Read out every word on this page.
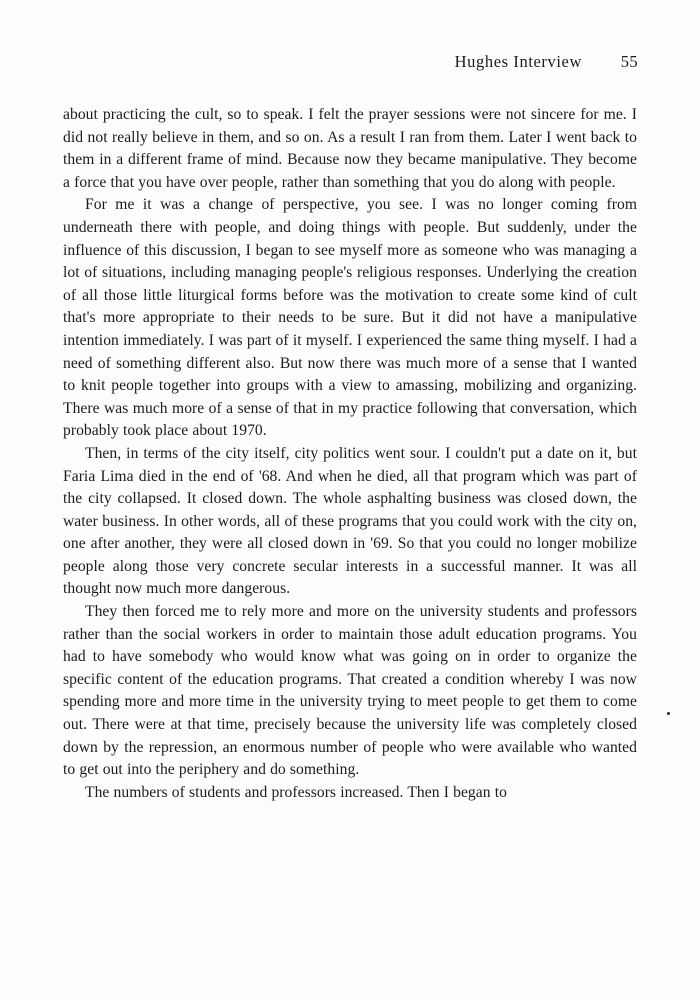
Hughes Interview 55

about practicing the cult, so to speak. I felt the prayer sessions were not sincere for me. I did not really believe in them, and so on. As a result I ran from them. Later I went back to them in a different frame of mind. Because now they became manipulative. They become a force that you have over people, rather than something that you do along with people.

For me it was a change of perspective, you see. I was no longer coming from underneath there with people, and doing things with people. But suddenly, under the influence of this discussion, I began to see myself more as someone who was managing a lot of situations, including managing people's religious responses. Underlying the creation of all those little liturgical forms before was the motivation to create some kind of cult that's more appropriate to their needs to be sure. But it did not have a manipulative intention immediately. I was part of it myself. I experienced the same thing myself. I had a need of something different also. But now there was much more of a sense that I wanted to knit people together into groups with a view to amassing, mobilizing and organizing. There was much more of a sense of that in my practice following that conversation, which probably took place about 1970.

Then, in terms of the city itself, city politics went sour. I couldn't put a date on it, but Faria Lima died in the end of '68. And when he died, all that program which was part of the city collapsed. It closed down. The whole asphalting business was closed down, the water business. In other words, all of these programs that you could work with the city on, one after another, they were all closed down in '69. So that you could no longer mobilize people along those very concrete secular interests in a successful manner. It was all thought now much more dangerous.

They then forced me to rely more and more on the university students and professors rather than the social workers in order to maintain those adult education programs. You had to have somebody who would know what was going on in order to organize the specific content of the education programs. That created a condition whereby I was now spending more and more time in the university trying to meet people to get them to come out. There were at that time, precisely because the university life was completely closed down by the repression, an enormous number of people who were available who wanted to get out into the periphery and do something.

The numbers of students and professors increased. Then I began to
